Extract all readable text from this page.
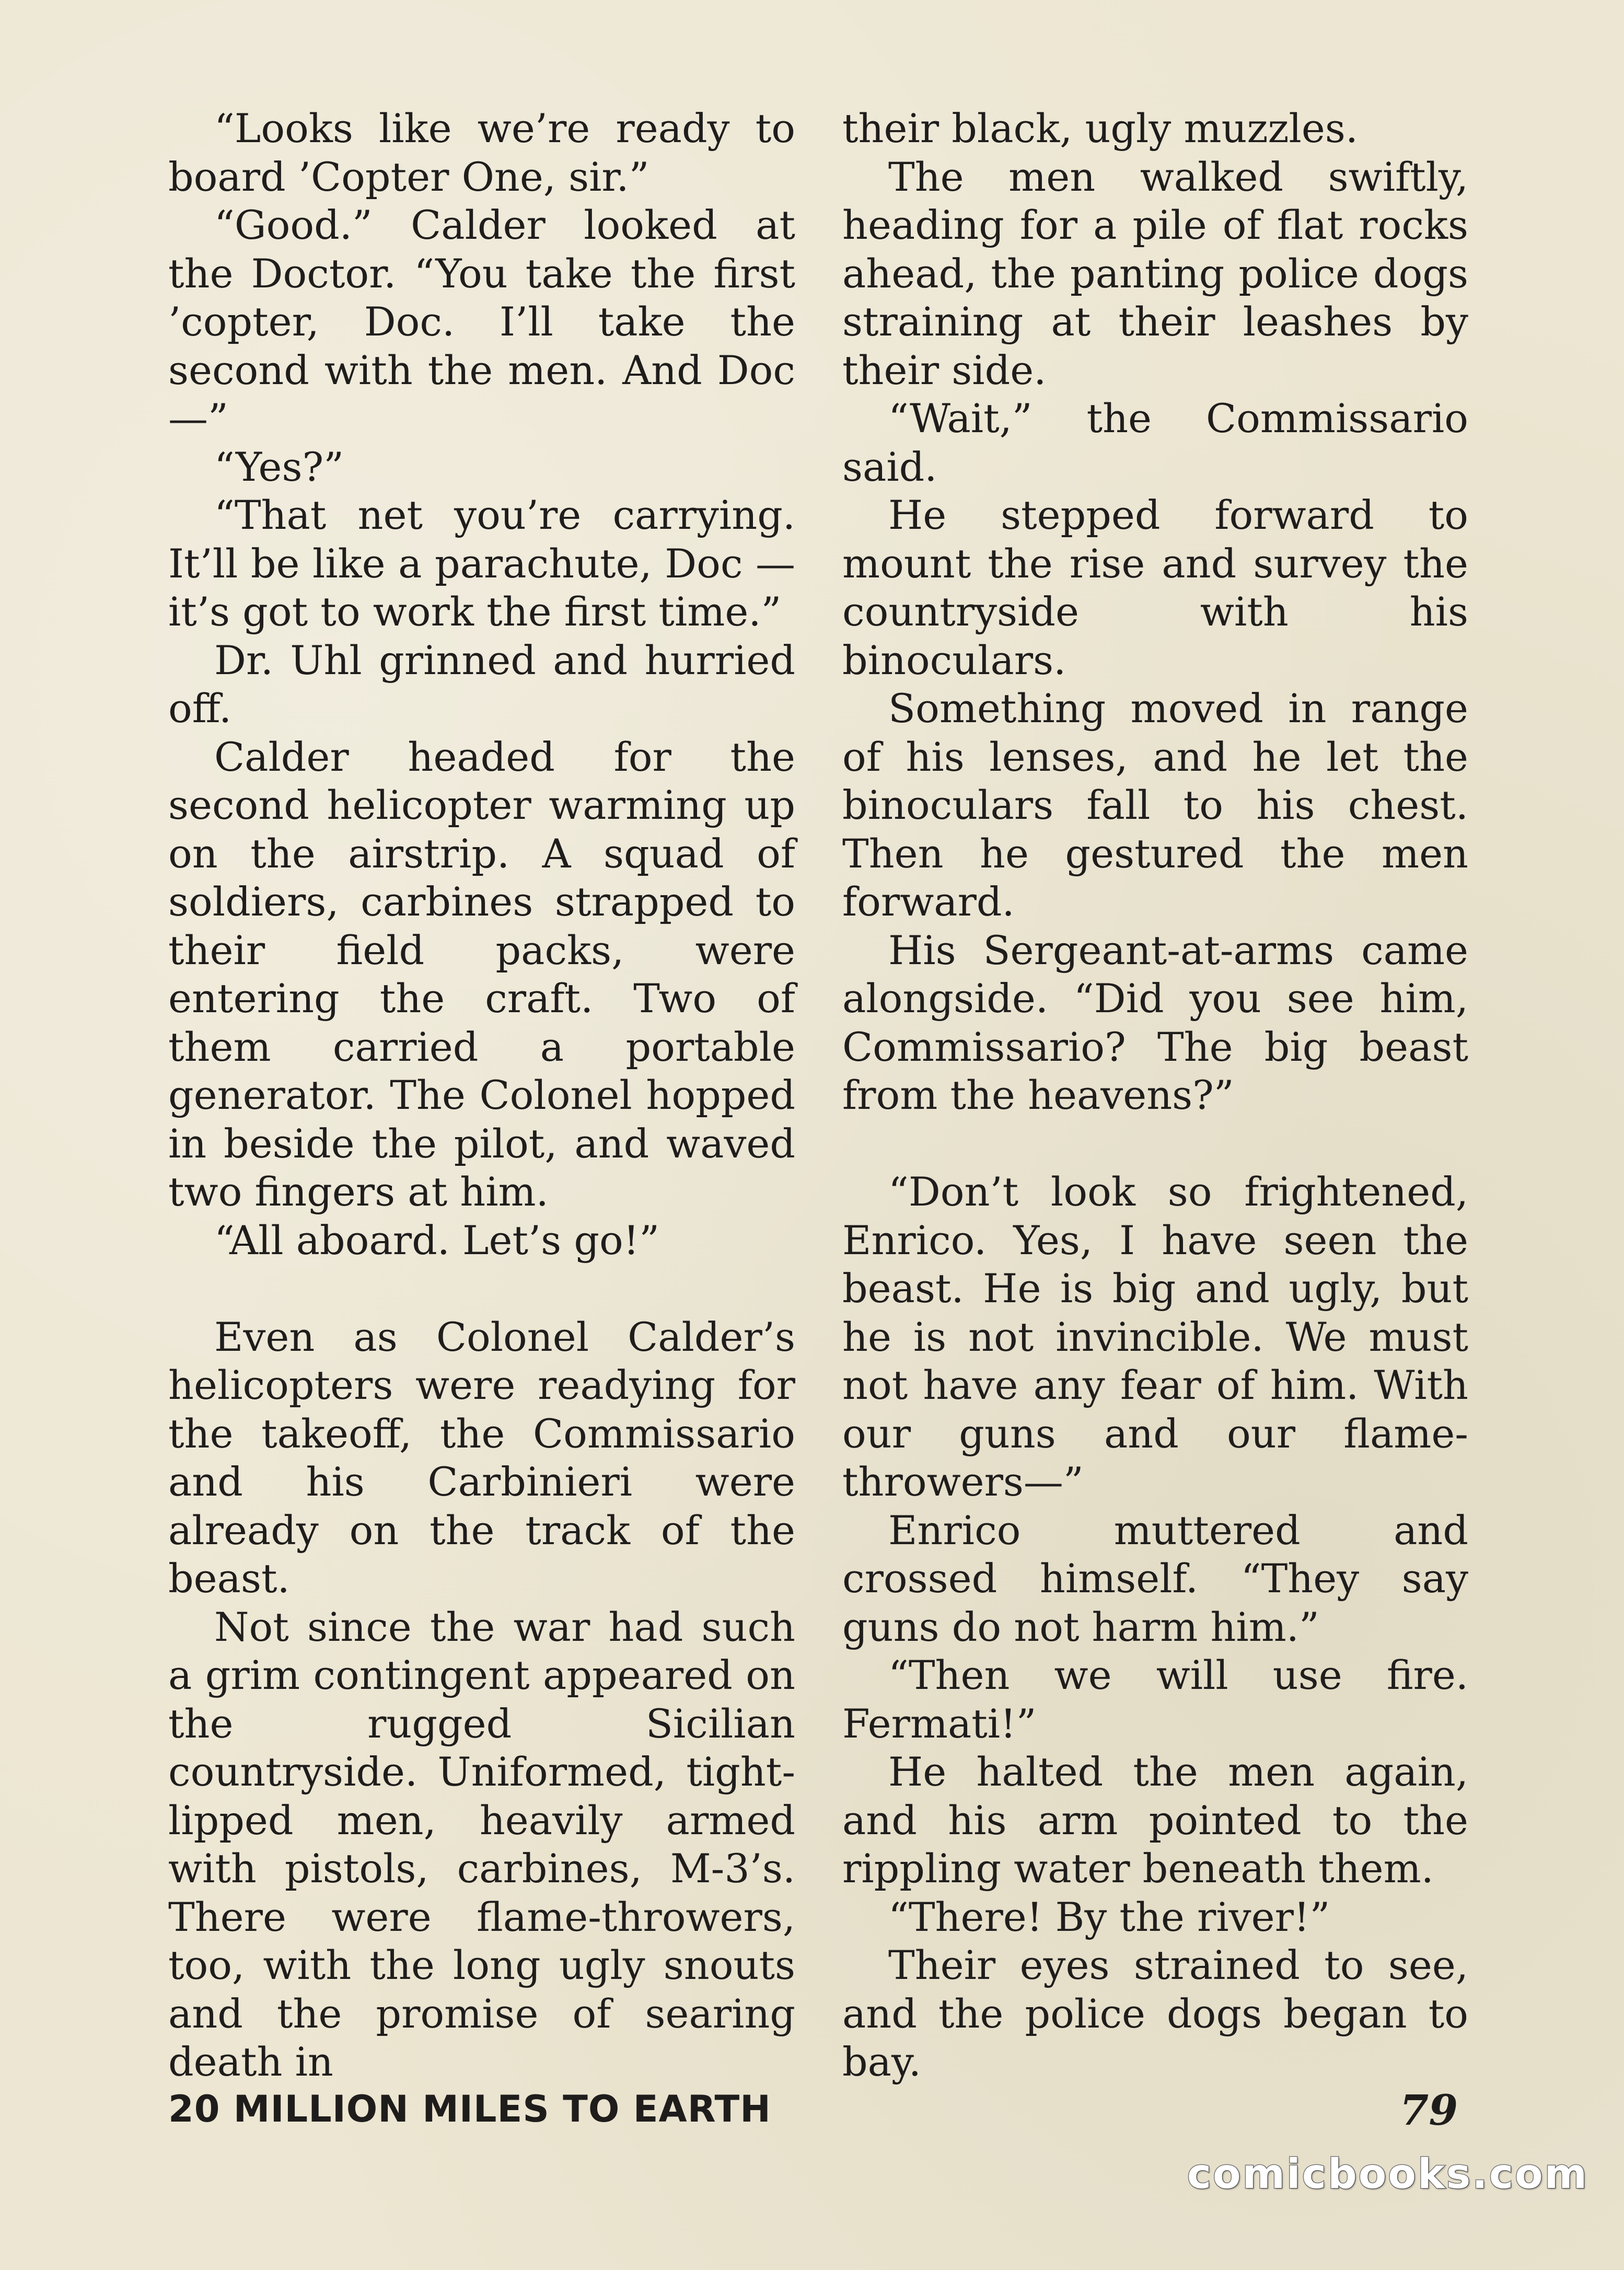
“Looks like we’re ready to board ’Copter One, sir.”

“Good.” Calder looked at the Doctor. “You take the first ’copter, Doc. I’ll take the second with the men. And Doc—”

“Yes?”

“That net you’re carrying. It’ll be like a parachute, Doc —it’s got to work the first time.”

Dr. Uhl grinned and hurried off.

Calder headed for the second helicopter warming up on the airstrip. A squad of soldiers, carbines strapped to their field packs, were entering the craft. Two of them carried a portable generator. The Colonel hopped in beside the pilot, and waved two fingers at him.

“All aboard. Let’s go!”

Even as Colonel Calder’s helicopters were readying for the takeoff, the Commissario and his Carbinieri were already on the track of the beast.

Not since the war had such a grim contingent appeared on the rugged Sicilian countryside. Uniformed, tight-lipped men, heavily armed with pistols, carbines, M-3’s. There were flame-throwers, too, with the long ugly snouts and the promise of searing death in

their black, ugly muzzles.

The men walked swiftly, heading for a pile of flat rocks ahead, the panting police dogs straining at their leashes by their side.

“Wait,” the Commissario said.

He stepped forward to mount the rise and survey the countryside with his binoculars.

Something moved in range of his lenses, and he let the binoculars fall to his chest. Then he gestured the men forward.

His Sergeant-at-arms came alongside. “Did you see him, Commissario? The big beast from the heavens?”

“Don’t look so frightened, Enrico. Yes, I have seen the beast. He is big and ugly, but he is not invincible. We must not have any fear of him. With our guns and our flame-throwers—”

Enrico muttered and crossed himself. “They say guns do not harm him.”

“Then we will use fire. Fermati!”

He halted the men again, and his arm pointed to the rippling water beneath them.

“There! By the river!”

Their eyes strained to see, and the police dogs began to bay.

20 MILLION MILES TO EARTH	79
comicbooks.com
